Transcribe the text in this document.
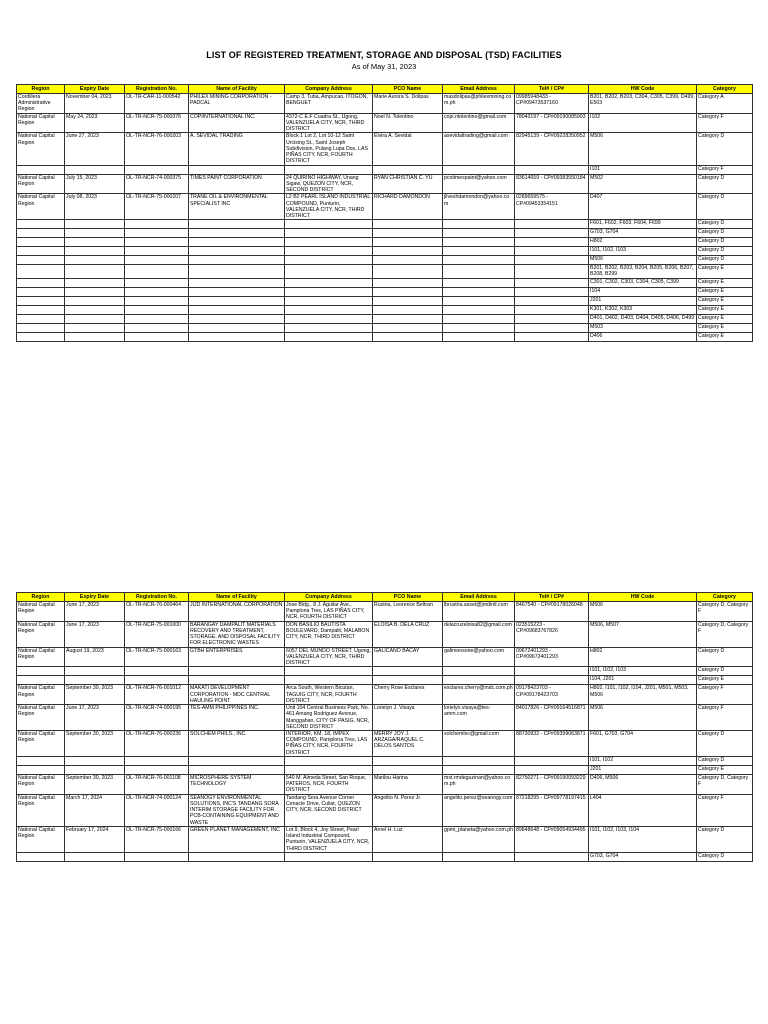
LIST OF REGISTERED TREATMENT, STORAGE AND DISPOSAL (TSD) FACILITIES
As of May 31, 2023
Region	Expiry Date	Registration No.	Name of Facility	Company Address	PCO Name	Email Address	Tel# / CP#	HW Code	Category
Cordillera Administrative Region	November 04, 2023	OL-TR-CAR-11-000542	PHILEX MINING CORPORATION - PADCAL	Camp 3, Tuba, Ampucao, ITOGON, BENGUET	Marie Aurora S. Dolipas	masdolipas@philexmining.com.ph	09985948433 - CP#09473537160	B201, B202, B203, C304, C305, C399, D499, E503	Category A
National Capital Region	May 24, 2023	OL-TR-NCR-75-000376	COPIINTERNATIONAL INC.	4372-C E.F Cuadra St., Ugong, VALENZUELA CITY, NCR, THIRD DISTRICT	Noel N. Tolentino	copi.ntolentino@gmail.com	78043197 - CP#09190085903	I102	Category F
National Capital Region	June 27, 2023	OL-TR-NCR-76-000203	A. SEVIDAL TRADING	Block 1 Lot 2, Lot 10-12 Saint Urcising St., Saint Joseph Subdivision, Pulang Lupa Dos, LAS PIÑAS CITY, NCR, FOURTH DISTRICT	Elvira A. Sevidal	asevidaltrading@gmail.com	82945139 - CP#09228350952	M506	Category D
								I101	Category F
National Capital Region	July 15, 2023	OL-TR-NCR-74-000375	TIMES PAINT CORPORATION	24 QUIRINO HIGHWAY, Unang Sigaw, QUEZON CITY, NCR, SECOND DISTRICT	RYAN CHRISTIAN C. YU	pcotimespaint@yahoo.com	83614659 - CP#09383550184	M502	Category D
National Capital Region	July 08, 2023	OL-TR-NCR-75-000207	TRANE OIL & ENVIRONMENTAL SPECIALIST INC	L2 B2 PEARL ISLAND INDUSTRIAL COMPOUND, Punturin, VALENZUELA CITY, NCR, THIRD DISTRICT	RICHARD DAMONDON	jilveshdamondon@yahoo.com	0289659575 - CP#09453354151	D407	Category D
								F601, F602, F603, F604, F699	Category D
								G703, G704	Category D
								H802	Category D
								I101, I102, I103	Category D
								M506	Category D
								B201, B202, B203, B204, B205, B206, B207, B208, B299	Category E
								C301, C302, C303, C304, C305, C399	Category E
								I104	Category E
								J201	Category E
								K301, K302, K303	Category E
								D401, D402, D403, D404, D405, D406, D499	Category E
								M503	Category E
								D406	Category E
Region	Expiry Date	Registration No.	Name of Facility	Company Address	PCO Name	Email Address	Tel# / CP#	HW Code	Category
National Capital Region	June 17, 2023	OL-TR-NCR-76-000464	JIJD INTERNATIONAL CORPORATION	Jose Bldg., 8 J. Aguilar Ave., Pamplona Tres, LAS PIÑAS CITY, NCR, FOURTH DISTRICT	Rustria, Leorence Beltran	lbrustria.asset@jmdintl.com	8467540 - CP#09178026048	M506	Category D, Category F
National Capital Region	June 17, 2023	OL-TR-NCR-75-001000	BARANGAY DAMPALIT MATERIALS RECOVERY AND TREATMENT, STORAGE, AND DISPOSAL FACILITY FOR ELECTRONIC WASTES	DON BASILIO BAUTISTA BOULEVARD, Dampalit, MALABON CITY, NCR, THIRD DISTRICT	ELOISA B. DELA CRUZ	delacruzeloisa82@gmail.com	023515223 - CP#09683767826	M506, M507	Category D, Category F
National Capital Region	August 19, 2023	OL-TR-NCR-75-000163	GTBH ENTERPRISES	6057 DEL MUNDO STREET, Ugong, VALENZUELA CITY, NCR, THIRD DISTRICT	GALICANO BACAY	galimonsone@yahoo.com	09672401293 - CP#09672401293	H802	Category D
								I101, I102, I103	Category D
								I104, J201	Category E
National Capital Region	September 30, 2023	OL-TR-NCR-76-001012	MAKATI DEVELOPMENT CORPORATION - MDC CENTRAL HAULING POINT	Arca South, Western Bicutan, TAGUIG CITY, NCR, FOURTH DISTRICT	Cherry Rose Esclares	esclares.cherry@mdc.com.ph	09178423703 - CP#09178423703	H802, I101, I102, I104, J201, M501, M503, M506	Category F
National Capital Region	June 17, 2023	OL-TR-NCR-74-000195	TES-AMM PHILIPPINES INC.	Unit 104 Central Business Park, No. 461 Amang Rodriguez Avenue, Manggahan, CITY OF PASIG, NCR, SECOND DISTRICT	Lorielyn J. Visaya	lorielyn.visaya@tes-amm.com	84017826 - CP#09164516871	M506	Category F
National Capital Region	September 30, 2023	OL-TR-NCR-76-000236	SOLCHEM PHILS., INC.	INTERIOR, KM. 18, IMPEX COMPOUND, Pamplona Tres, LAS PIÑAS CITY, NCR, FOURTH DISTRICT	MERRY JOY J. ARZAGA/RAQUEL C. DELOS SANTOS	solchemlnc@gmail.com	88730932 - CP#09399063871	F601, G703, G704	Category D
								I101, I102	Category D
								J201	Category E
National Capital Region	September 30, 2023	OL-TR-NCR-76-001108	MICROSPHERE SYSTEM TECHNOLOGY	540 M. Almeda Street, San Roque, PATEROS, NCR, FOURTH DISTRICT	Marilou Harina	mst.rmdeguzinan@yahoo.com.ph	82750271 - CP#09190093229	D406, M506	Category D, Category F
National Capital Region	March 17, 2024	OL-TR-NCR-74-000124	SEANOGY ENVIRONMENTAL SOLUTIONS, INC'S TANDANG SORA INTERIM STORAGE FACILITY FOR PCB-CONTAINING EQUIPMENT AND WASTE	Tandang Sora Avenue Corner Cenacle Drive, Culiat, QUEZON CITY, NCR, SECOND DISTRICT	Angelito N. Perez Jr.	angelito.perez@seanogy.com	87218295 - CP#09778197415	L404	Category F
National Capital Region	February 17, 2024	OL-TR-NCR-75-000166	GREEN PLANET MANAGEMENT, INC	Lot 9, Block 4, Joy Street, Pearl Island Industrial Compound, Punturin, VALENZUELA CITY, NCR, THIRD DISTRICT	Arnel H. Luz	gpmi_planeta@yahoo.com.ph	89848648 - CP#09054934495	I101, I102, I103, I104	Category D
								G703, G704	Category D
